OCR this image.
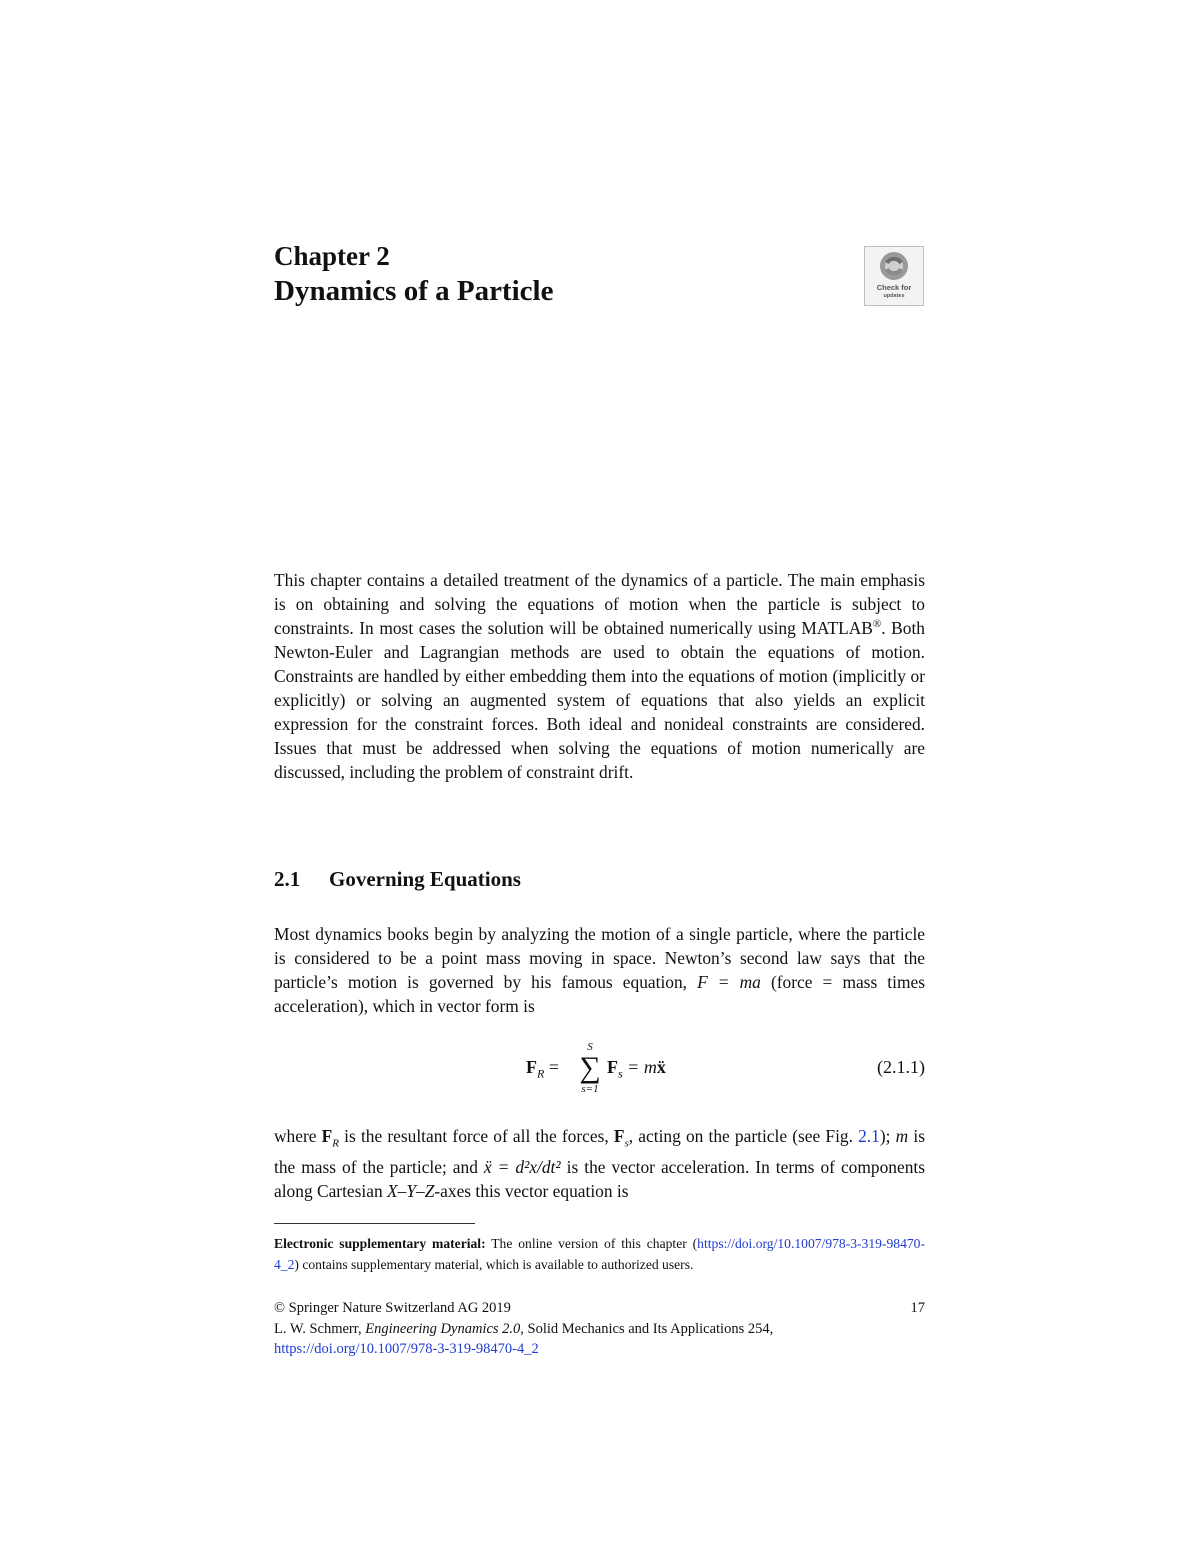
Chapter 2
Dynamics of a Particle	Check for
updates

This chapter contains a detailed treatment of the dynamics of a particle. The main emphasis is on obtaining and solving the equations of motion when the particle is subject to constraints. In most cases the solution will be obtained numerically using MATLAB®. Both Newton-Euler and Lagrangian methods are used to obtain the equations of motion. Constraints are handled by either embedding them into the equations of motion (implicitly or explicitly) or solving an augmented system of equations that also yields an explicit expression for the constraint forces. Both ideal and nonideal constraints are considered. Issues that must be addressed when solving the equations of motion numerically are discussed, including the problem of constraint drift.

2.1 Governing Equations

Most dynamics books begin by analyzing the motion of a single particle, where the particle is considered to be a point mass moving in space. Newton’s second law says that the particle’s motion is governed by his famous equation, F = ma (force = mass times acceleration), which in vector form is

$F_R$ =
S
∑
s=1
$F_s$ = mẍ	(2.1.1)

where $F_R$ is the resultant force of all the forces, $F_s$, acting on the particle (see Fig. 2.1); m is the mass of the particle; and ẍ = d²x/dt² is the vector acceleration. In terms of components along Cartesian X–Y–Z-axes this vector equation is

Electronic supplementary material: The online version of this chapter (https://doi.org/10.1007/978-3-319-98470-4_2) contains supplementary material, which is available to authorized users.

© Springer Nature Switzerland AG 2019	17

L. W. Schmerr, Engineering Dynamics 2.0, Solid Mechanics and Its Applications 254,

https://doi.org/10.1007/978-3-319-98470-4_2
